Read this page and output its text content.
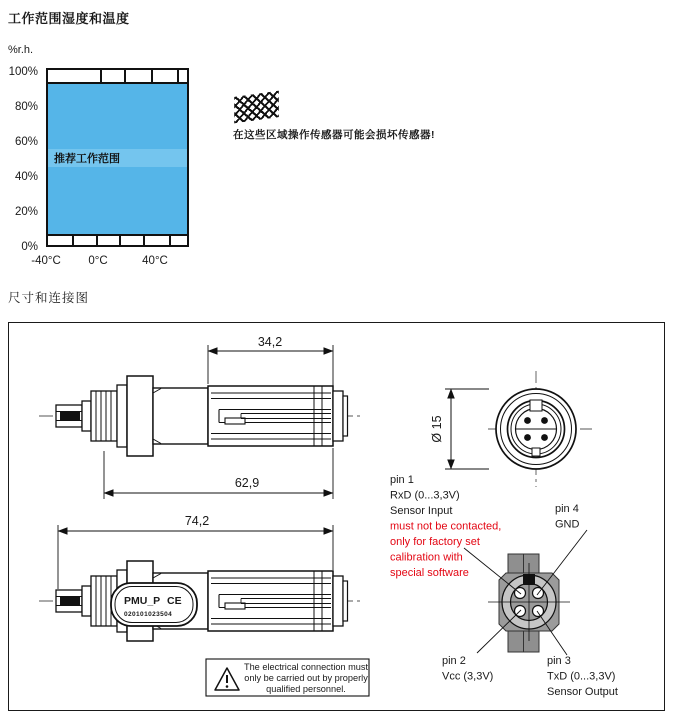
工作范围湿度和温度
%r.h.
推荐工作范围
100%
80%
60%
40%
20%
0%
-40°C 0°C	40°C
在这些区域操作传感器可能会损坏传感器!
尺寸和连接图
34,2
62,9
74,2
PMU_P CE
020101023504
The electrical connection must
only be carried out by properly
qualified personnel.
Ø 15
pin 1
RxD (0...3,3V)
Sensor Input
must not be contacted,
only for factory set
calibration with
special software
pin 4
GND
pin 2
Vcc (3,3V)
pin 3
TxD (0...3,3V)
Sensor Output
